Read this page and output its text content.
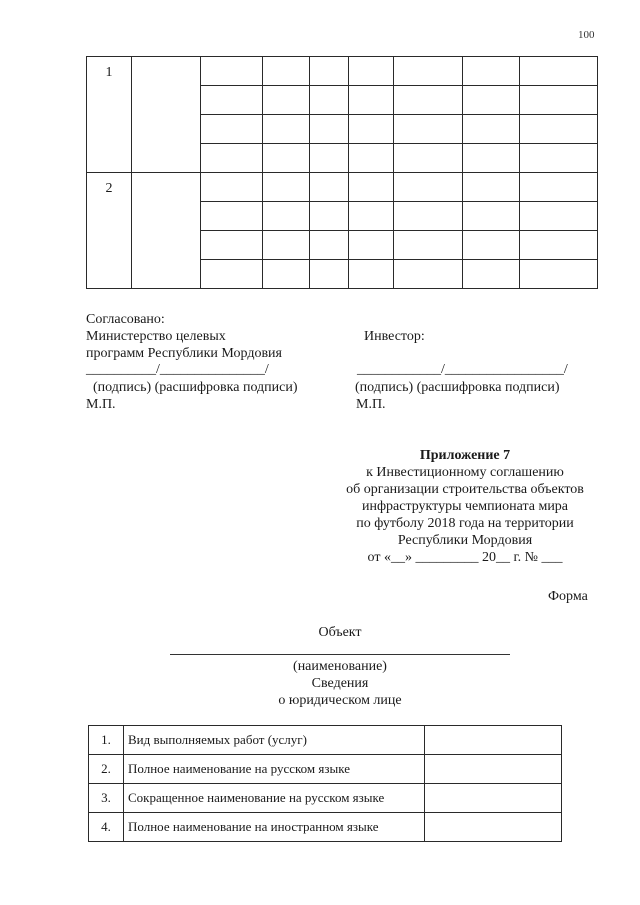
100
1								

2								

Согласовано:
Министерство целевых
программ Республики Мордовия
__________/_______________/
(подпись) (расшифровка подписи)
М.П.
Инвестор:
____________/_________________/
(подпись) (расшифровка подписи)
М.П.
Приложение 7
к Инвестиционному соглашению
об организации строительства объектов
инфраструктуры чемпионата мира
по футболу 2018 года на территории
Республики Мордовия
от «__» _________ 20__ г. № ___
Форма
Объект
(наименование)
Сведения
о юридическом лице
1.	Вид выполняемых работ (услуг)	
2.	Полное наименование на русском языке	
3.	Сокращенное наименование на русском языке	
4.	Полное наименование на иностранном языке	
